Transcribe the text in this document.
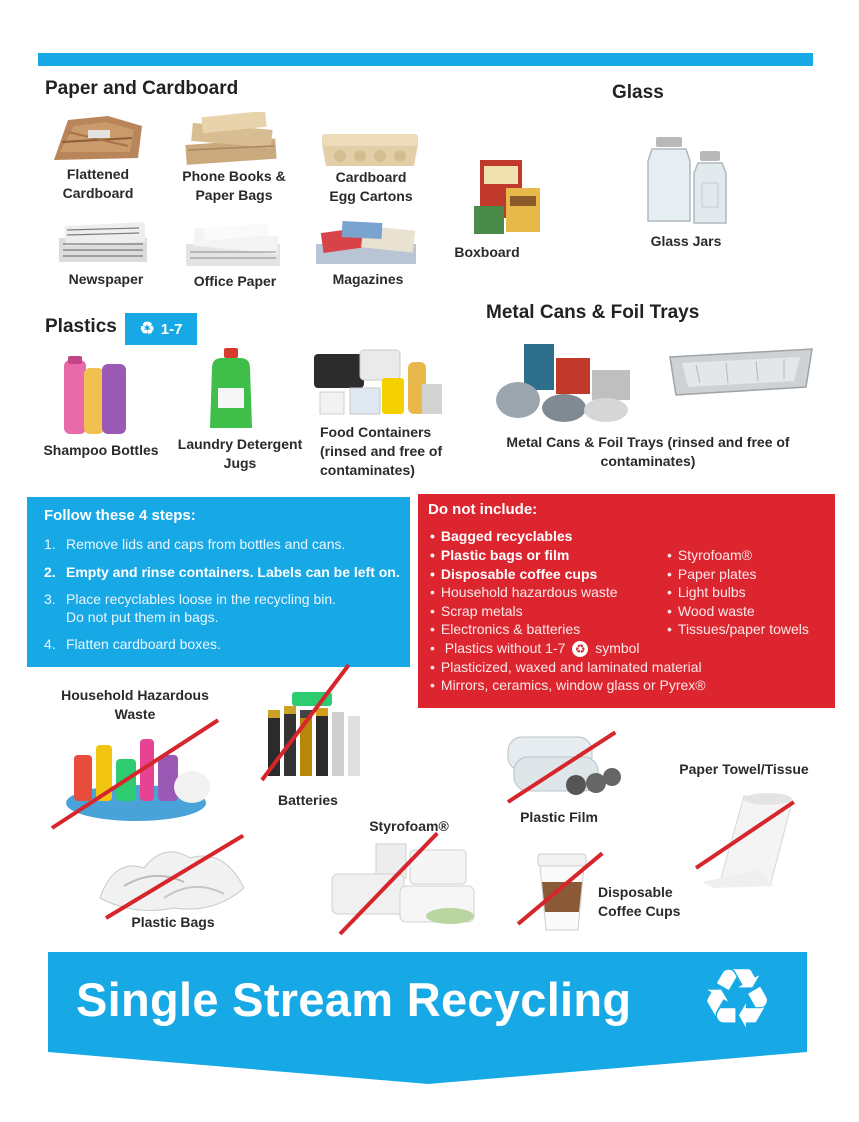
Paper and Cardboard
Flattened
Cardboard
Phone Books &
Paper Bags
Cardboard
Egg Cartons
Newspaper	Office Paper	Magazines
Boxboard
Glass
Glass Jars
Plastics ♻ 1-7
Shampoo Bottles	Laundry Detergent
Jugs
Food Containers
(rinsed and free of
contaminates)
Metal Cans & Foil Trays
Metal Cans & Foil Trays (rinsed and free of
contaminates)
Follow these 4 steps:
1. Remove lids and caps from bottles and cans.
2. Empty and rinse containers. Labels can be left on.
3. Place recyclables loose in the recycling bin.
Do not put them in bags.
4. Flatten cardboard boxes.
Do not include:
• Bagged recyclables
• Plastic bags or film
• Disposable coffee cups
• Household hazardous waste
• Scrap metals
• Electronics & batteries
• Plastics without 1-7 ♻ symbol
• Plasticized, waxed and laminated material
• Mirrors, ceramics, window glass or Pyrex®
• Styrofoam®
• Paper plates
• Light bulbs
• Wood waste
• Tissues/paper towels
Household Hazardous
Waste
Batteries
Plastic Film
Paper Towel/Tissue
Styrofoam®
Plastic Bags
Disposable
Coffee Cups
Single Stream Recycling ♻
